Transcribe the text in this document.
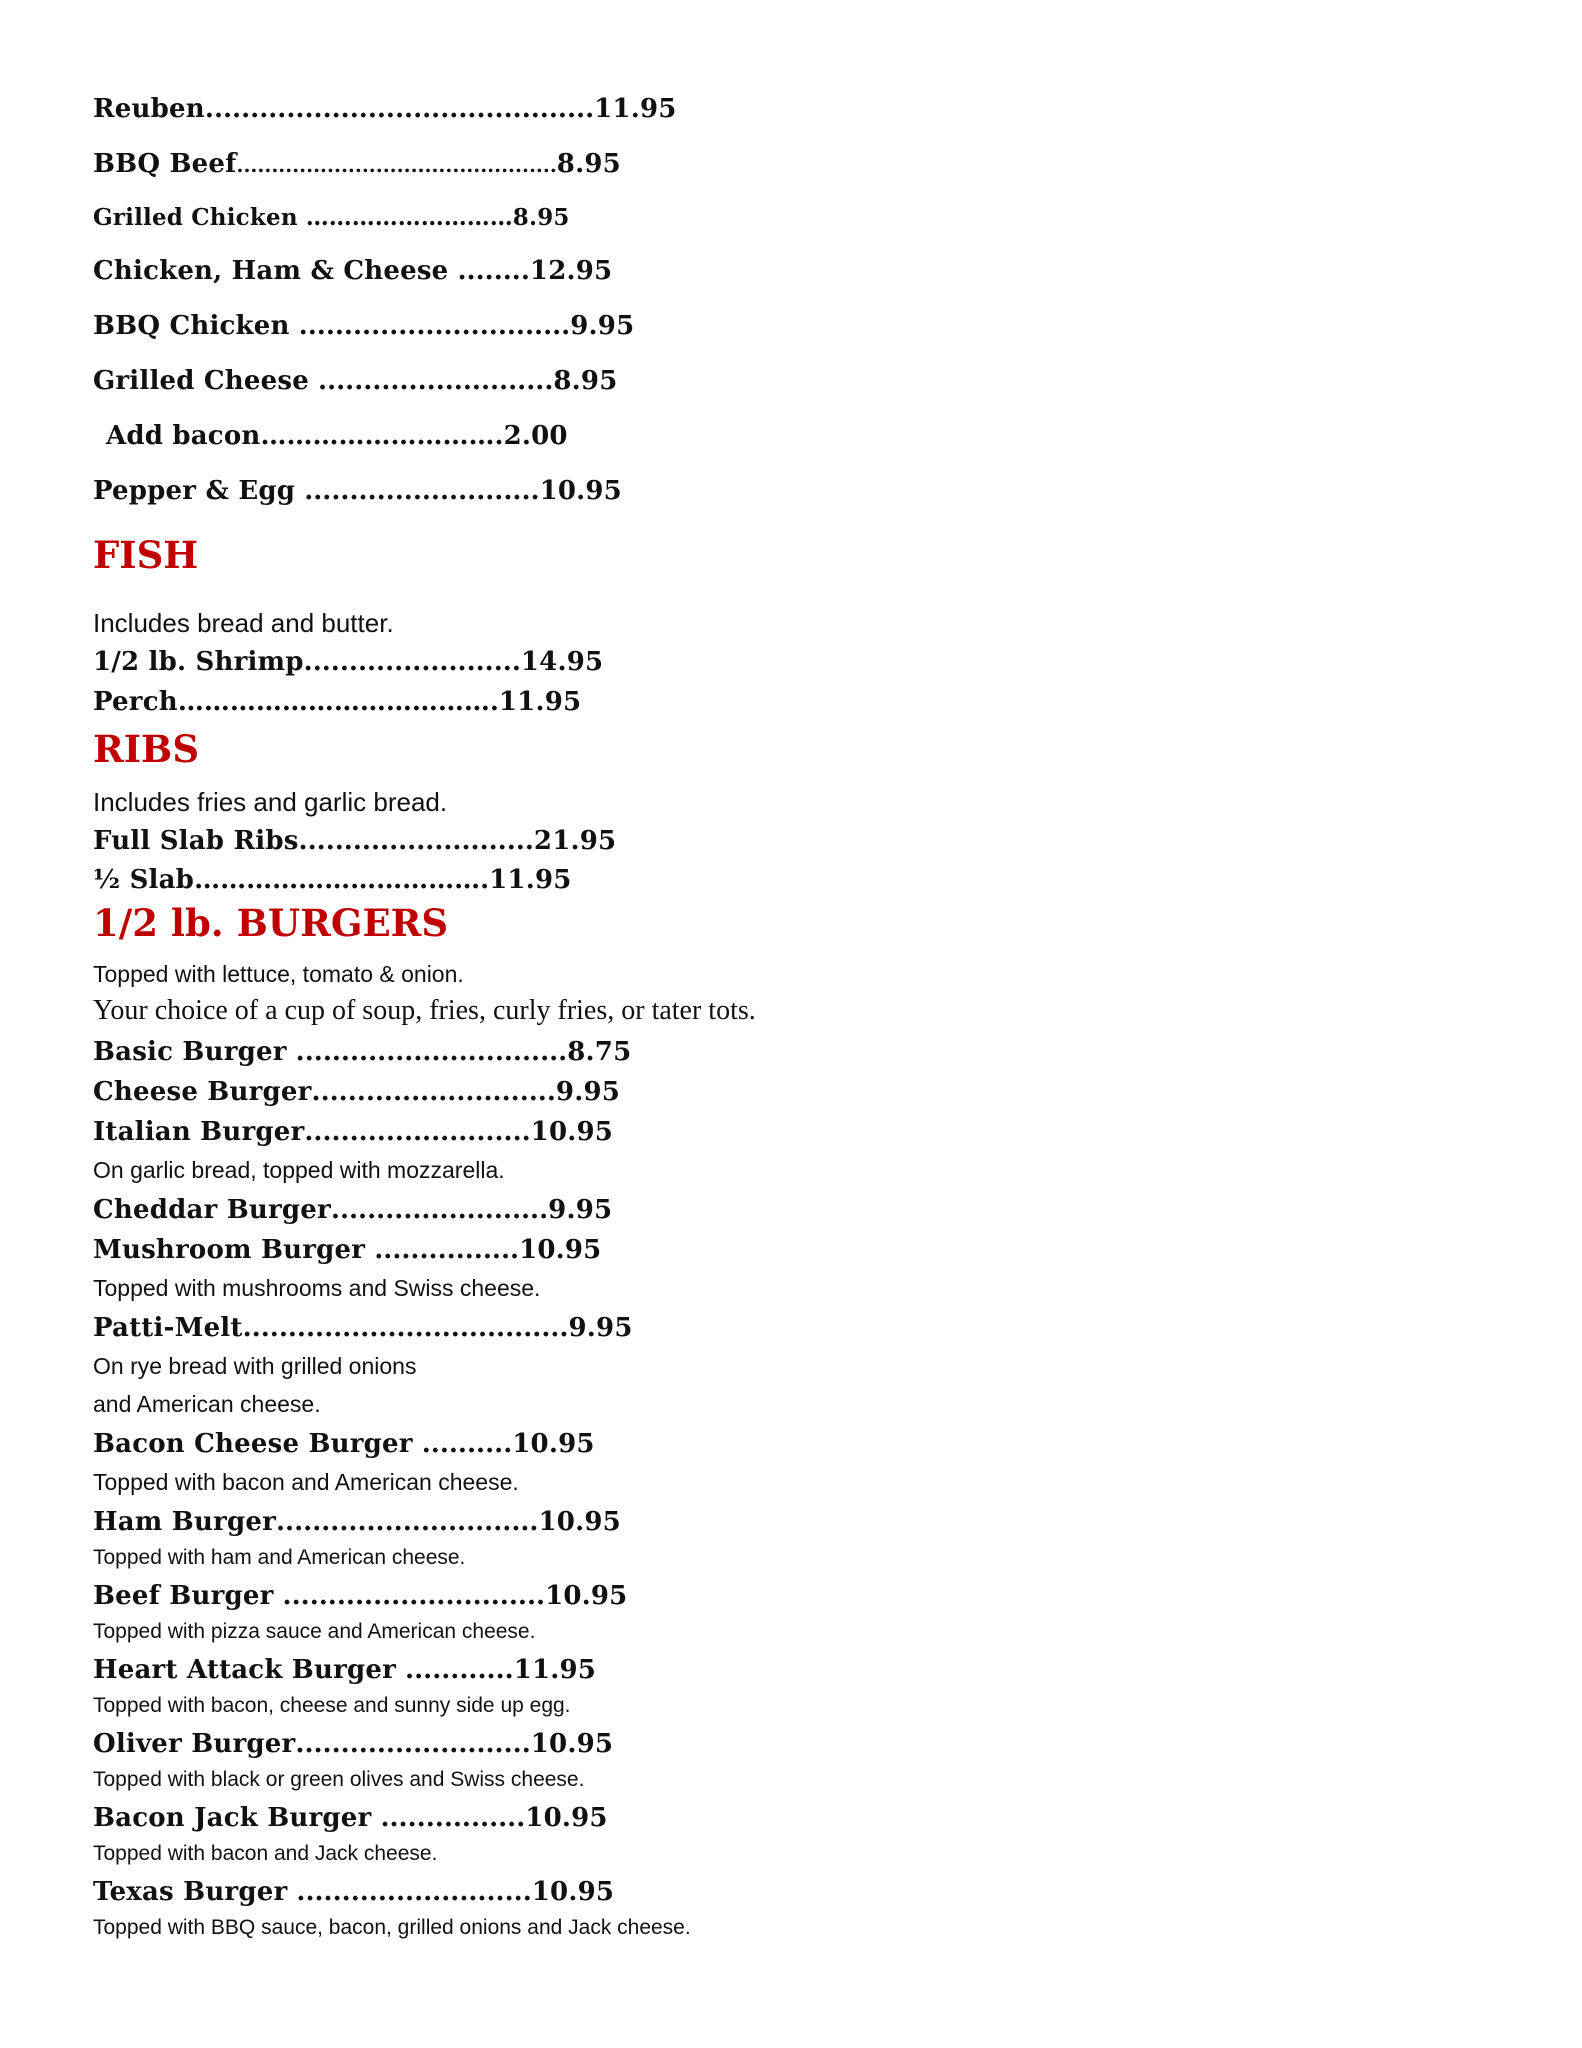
Reuben...........................................11.95
BBQ Beef..............................................8.95
Grilled Chicken ………………………8.95
Chicken, Ham & Cheese ........12.95
BBQ Chicken ..............................9.95
Grilled Cheese ..........................8.95
Add bacon……………………….2.00
Pepper & Egg ..........................10.95
FISH
Includes bread and butter.
1/2 lb. Shrimp........................14.95
Perch……………………………….11.95
RIBS
Includes fries and garlic bread.
Full Slab Ribs..........................21.95
½ Slab…………………………….11.95
1/2 lb. BURGERS
Topped with lettuce, tomato & onion.
Your choice of a cup of soup, fries, curly fries, or tater tots.
Basic Burger ..............................8.75
Cheese Burger...........................9.95
Italian Burger.........................10.95
On garlic bread, topped with mozzarella.
Cheddar Burger........................9.95
Mushroom Burger ................10.95
Topped with mushrooms and Swiss cheese.
Patti-Melt....................................9.95
On rye bread with grilled onions
and American cheese.
Bacon Cheese Burger ..........10.95
Topped with bacon and American cheese.
Ham Burger.............................10.95
Topped with ham and American cheese.
Beef Burger .............................10.95
Topped with pizza sauce and American cheese.
Heart Attack Burger ............11.95
Topped with bacon, cheese and sunny side up egg.
Oliver Burger..........................10.95
Topped with black or green olives and Swiss cheese.
Bacon Jack Burger ................10.95
Topped with bacon and Jack cheese.
Texas Burger ..........................10.95
Topped with BBQ sauce, bacon, grilled onions and Jack cheese.
